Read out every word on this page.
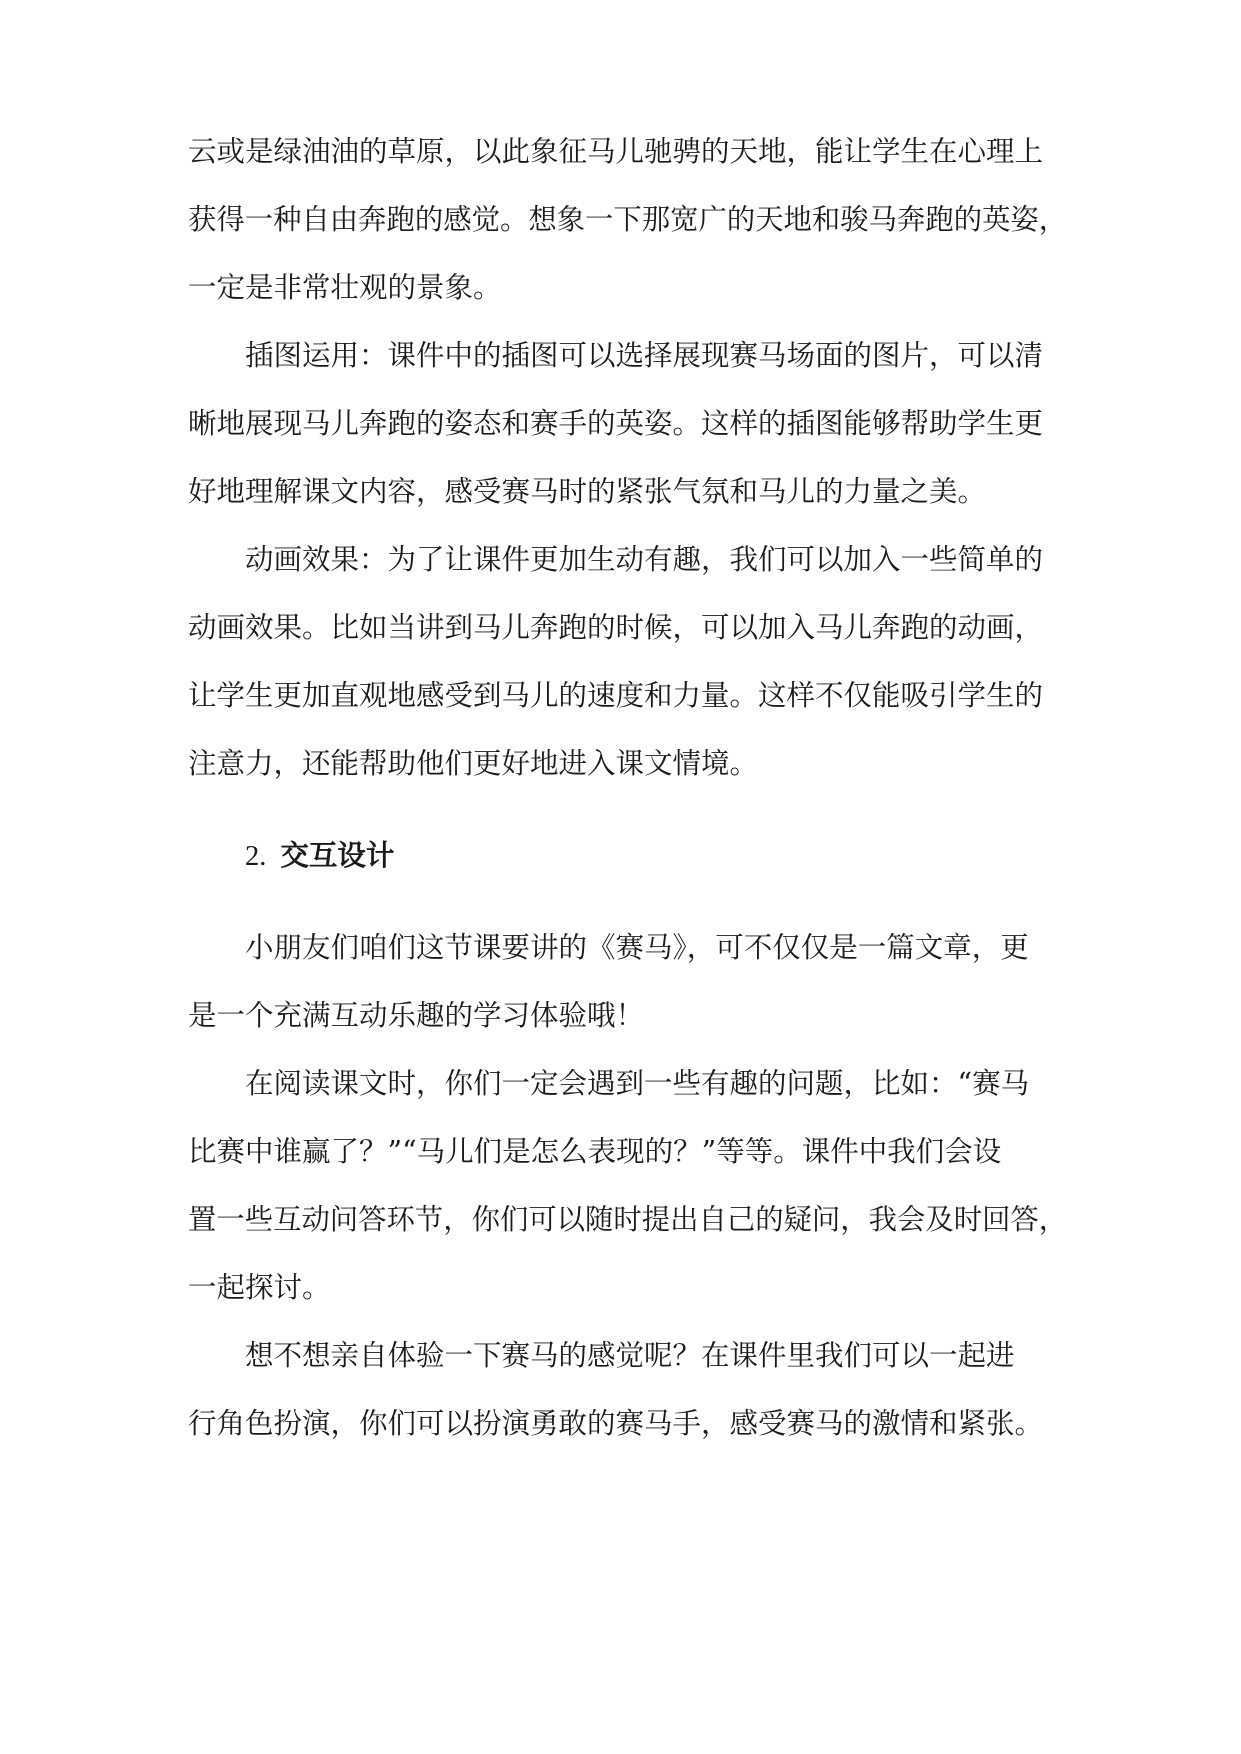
云或是绿油油的草原，以此象征马儿驰骋的天地，能让学生在心理上
获得一种自由奔跑的感觉。想象一下那宽广的天地和骏马奔跑的英姿，
一定是非常壮观的景象。
插图运用：课件中的插图可以选择展现赛马场面的图片，可以清
晰地展现马儿奔跑的姿态和赛手的英姿。这样的插图能够帮助学生更
好地理解课文内容，感受赛马时的紧张气氛和马儿的力量之美。
动画效果：为了让课件更加生动有趣，我们可以加入一些简单的
动画效果。比如当讲到马儿奔跑的时候，可以加入马儿奔跑的动画，
让学生更加直观地感受到马儿的速度和力量。这样不仅能吸引学生的
注意力，还能帮助他们更好地进入课文情境。
2. 交互设计
小朋友们咱们这节课要讲的《赛马》，可不仅仅是一篇文章，更
是一个充满互动乐趣的学习体验哦！
在阅读课文时，你们一定会遇到一些有趣的问题，比如：“赛马
比赛中谁赢了？”“马儿们是怎么表现的？”等等。课件中我们会设
置一些互动问答环节，你们可以随时提出自己的疑问，我会及时回答，
一起探讨。
想不想亲自体验一下赛马的感觉呢？在课件里我们可以一起进
行角色扮演，你们可以扮演勇敢的赛马手，感受赛马的激情和紧张。
